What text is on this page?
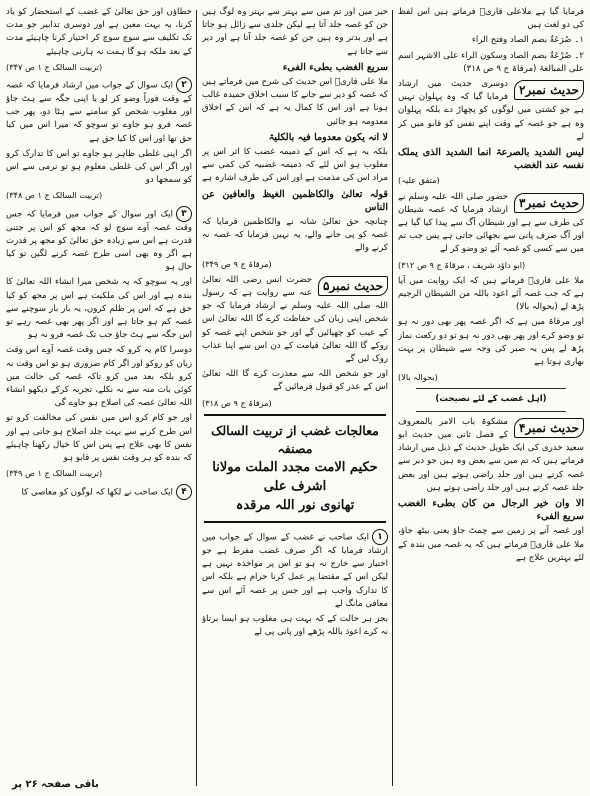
فرمایا گیا ہے ملاعلی قاریؒ فرماتے ہیں اس لفظ کی دو لغت ہیں

۱۔ صُرَعَةٌ بضم الصاد وفتح الراء

۲۔ صُرْعَةٌ بضم الصاد وسکون الراء علی الاشہر اسم علی المبالغۃ (مرقاۃ ج ۹ ص ۳۱۸)

حدیث نمبر۲

دوسری حدیث میں ارشاد فرمایا گیا کہ وہ پہلوان نہیں ہے جو کشتی میں لوگوں کو پچھاڑ دے بلکہ پہلوان وہ ہے جو غصہ کے وقت اپنے نفس کو قابو میں کر لے

لیس الشدید بالصرعۃ انما الشدید الذی یملک نفسہ عند الغضب

(متفق علیہ)
حدیث نمبر۳

حضور صلی اللہ علیہ وسلم نے ارشاد فرمایا کہ غصہ شیطان کی طرف سے ہے اور شیطان آگ سے پیدا کیا گیا ہے اور آگ صرف پانی سے بجھائی جاتی ہے پس جب تم میں سے کسی کو غصہ آئے تو وضو کر لے

(ابو داؤد شریف ، مرقاۃ ج ۹ ص ۳۱۲)

ملا علی قاریؒ فرماتے ہیں کہ ایک روایت میں آیا ہے کہ جب غصہ آئے اعوذ باللہ من الشیطان الرجیم پڑھ لے (بحوالہ بالا)

اور مرقاۃ میں ہے کہ اگر غصہ پھر بھی دور نہ ہو تو وضو کرے اور پھر بھی دور نہ ہو تو دو رکعت نماز پڑھ لے پس یہ صبر کی وجہ سے شیطان پر بہت بھاری ہوتا ہے

(بحوالہ بالا)

(اہل غضب کے لئے نصیحت)

حدیث نمبر۴

مشکوۃ باب الامر بالمعروف کے فصل ثانی میں حدیث ابو سعید خدری کی ایک طویل حدیث کے ذیل میں ارشاد فرماتے ہیں کہ تم میں سے بعض وہ ہیں جو دیر سے غصہ کرتے ہیں اور جلد راضی ہوتے ہیں اور بعض جلد غصہ کرتے ہیں اور جلد راضی ہوتے ہیں

الا وان خیر الرجال من کان بطیء الغضب سریع الفیء

اور غصہ آنے پر زمین سے چمٹ جاؤ یعنی بیٹھ جاؤ، ملا علی قاریؒ فرماتے ہیں کہ یہ غصہ میں بندہ کے لئے بہترین علاج ہے

خیر میں اور تم میں سے بہتر سے بہتر وہ لوگ ہیں جن کو غصہ جلد آتا ہے لیکن جلدی سے زائل ہو جاتا ہے اور بدتر وہ ہیں جن کو غصہ جلد آتا ہے اور دیر سے جاتا ہے

سریع الغضب بطیء الفیء

ملا علی قاریؒ اس حدیث کی شرح میں فرماتے ہیں کہ غصہ کو دیر سے جانے کا سبب اخلاق حمیدہ غالب ہونا ہے اور اس کا کمال یہ ہے کہ اس کے اخلاق معدومہ ہو جائیں

لا انہ یکون معدوما فیہ بالکلیۃ

بلکہ یہ ہے کہ اس کے ذمیمہ غضب کا اثر اس پر مغلوب ہو اس لئے کہ ذمیمہ غضبیہ کی کمی سے مراد اس کی مذمت ہے اور اس کی طرف اشارہ ہے

قولہ تعالیٰ والکاظمین الغیظ والعافین عن الناس

چنانچہ حق تعالیٰ شانہ نے والکاظمین فرمایا کہ غصہ کو پی جانے والے، یہ نہیں فرمایا کہ غصہ نہ کرنے والے

(مرقاۃ ج ۹ ص ۳۴۹)
حدیث نمبر۵

حضرت انس رضی اللہ تعالیٰ عنہ سے روایت ہے کہ رسول اللہ صلی اللہ علیہ وسلم نے ارشاد فرمایا کہ جو شخص اپنی زبان کی حفاظت کرے گا اللہ تعالیٰ اس کے عیب کو چھپائیں گے اور جو شخص اپنے غصہ کو روکے گا اللہ تعالیٰ قیامت کے دن اس سے اپنا عذاب روک لیں گے

اور جو شخص اللہ سے معذرت کرے گا اللہ تعالیٰ اس کے عذر کو قبول فرمائیں گے

(مرقاۃ ج ۹ ص ۳۱۸)
معالجات غضب از تربیت السالک مصنفہ
حکیم الامت مجدد الملت مولانا اشرف علی
تھانوی نور اللہ مرقدہ

۱ایک صاحب نے غضب کے سوال کے جواب میں ارشاد فرمایا کہ اگر صرف غضب مفرط ہے جو اختیار سے خارج نہ ہو تو اس پر مواخذہ نہیں ہے لیکن اس کے مقتضا پر عمل کرنا حرام ہے بلکہ اس کا تدارک واجب ہے اور جس پر غصہ آئے اس سے معافی مانگ لے

بجز ہر حالت کے کہ بہت ہی مغلوب ہو ایسا برتاؤ نہ کرے اعوذ باللہ پڑھے اور پانی پی لے

خطاؤں اور حق تعالیٰ کے غضب کے استحضار کو یاد کرنا، یہ بہت معین ہے اور دوسری تدابیر جو مدت تک تکلیف سے سوچ سوچ کر اختیار کرنا چاہیئے مدت کے بعد ملکہ ہو گا ہمت نہ ہارنی چاہیئے

(تربیت السالک ج ۱ ص ۳۴۷)

۲ایک سوال کے جواب میں ارشاد فرمایا کہ غصہ کے وقت فوراً وضو کر لو یا اپنی جگہ سے ہٹ جاؤ اور مغلوب شخص کو سامنے سے ہٹا دو، پھر جب غصہ فرو ہو جاوے تو سوچو کہ میرا اس میں کیا حق تھا اور اس کا کیا حق ہے

اگر اپنی غلطی ظاہر ہو جاوے تو اس کا تدارک کرو اور اگر اس کی غلطی معلوم ہو تو نرمی سے اس کو سمجھا دو

(تربیت السالک ج ۱ ص ۳۴۸)

۳ایک اور سوال کے جواب میں فرمایا کہ جس وقت غصہ آوے سوچ لو کہ مجھ کو اس پر جتنی قدرت ہے اس سے زیادہ حق تعالیٰ کو مجھ پر قدرت ہے اگر وہ بھی اسی طرح غصہ کرنے لگیں تو کیا حال ہو

اور یہ سوچو کہ یہ شخص میرا انشاء اللہ تعالیٰ کا بندہ ہے اور اس کی ملکیت ہے اس پر مجھ کو کیا حق ہے کہ اس پر ظلم کروں، یہ بار بار سوچنے سے غصہ کم ہو جاتا ہے اور اگر پھر بھی غصہ رہے تو اس جگہ سے ہٹ جاؤ جب تک غصہ فرو نہ ہو

دوسرا کام یہ کرو کہ جس وقت غصہ آوے اس وقت زبان کو روکو اور اگر کام ضروری ہو تو اس وقت نہ کرو بلکہ بعد میں کرو تاکہ غصہ کی حالت میں کوئی بات منہ سے نہ نکلے، تجربہ کرکے دیکھو انشاء اللہ تعالیٰ غصہ کی اصلاح ہو جاوے گی

اور جو کام کرو اس میں نفس کی مخالفت کرو تو اس طرح کرنے سے بہت جلد اصلاح ہو جاتی ہے اور نفس کا بھی علاج ہے پس اس کا خیال رکھنا چاہیئے کہ بندہ کو ہر وقت نفس پر قابو ہو

(تربیت السالک ج ۱ ص ۳۴۹)

۴ایک صاحب نے لکھا کہ لوگوں کو معاصی کا

باقی صفحہ ۲۶ پر
